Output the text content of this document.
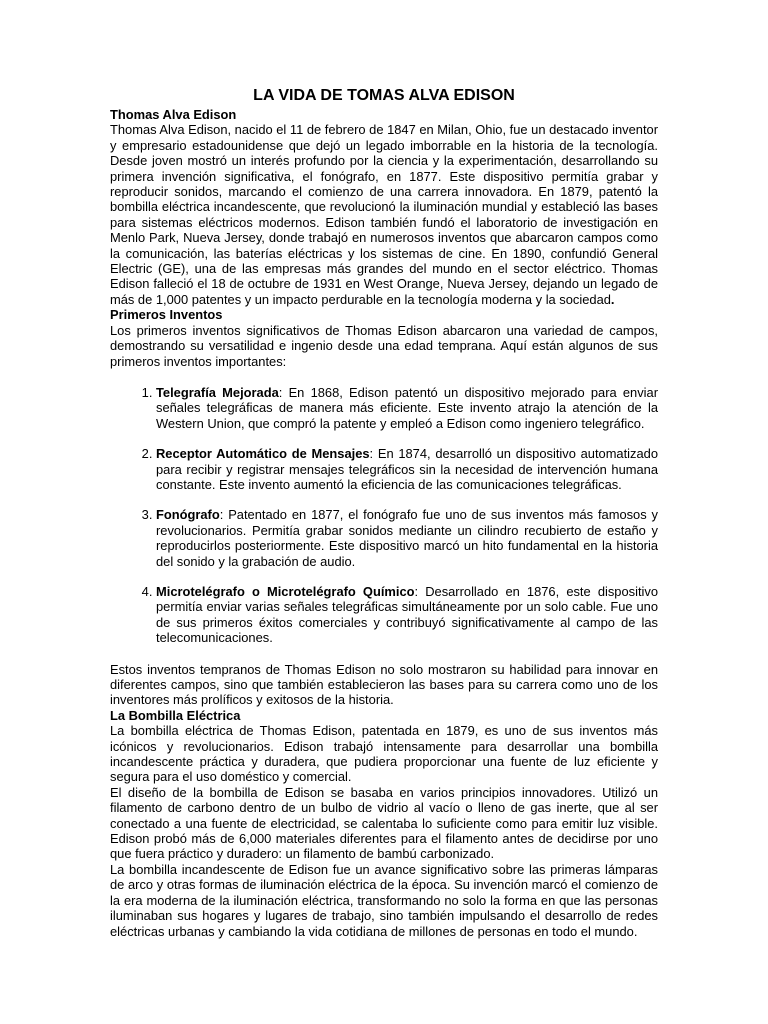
LA VIDA DE TOMAS ALVA EDISON
Thomas Alva Edison

Thomas Alva Edison, nacido el 11 de febrero de 1847 en Milan, Ohio, fue un destacado inventor y empresario estadounidense que dejó un legado imborrable en la historia de la tecnología. Desde joven mostró un interés profundo por la ciencia y la experimentación, desarrollando su primera invención significativa, el fonógrafo, en 1877. Este dispositivo permitía grabar y reproducir sonidos, marcando el comienzo de una carrera innovadora. En 1879, patentó la bombilla eléctrica incandescente, que revolucionó la iluminación mundial y estableció las bases para sistemas eléctricos modernos. Edison también fundó el laboratorio de investigación en Menlo Park, Nueva Jersey, donde trabajó en numerosos inventos que abarcaron campos como la comunicación, las baterías eléctricas y los sistemas de cine. En 1890, confundió General Electric (GE), una de las empresas más grandes del mundo en el sector eléctrico. Thomas Edison falleció el 18 de octubre de 1931 en West Orange, Nueva Jersey, dejando un legado de más de 1,000 patentes y un impacto perdurable en la tecnología moderna y la sociedad.

Primeros Inventos

Los primeros inventos significativos de Thomas Edison abarcaron una variedad de campos, demostrando su versatilidad e ingenio desde una edad temprana. Aquí están algunos de sus primeros inventos importantes:

1. Telegrafía Mejorada: En 1868, Edison patentó un dispositivo mejorado para enviar señales telegráficas de manera más eficiente. Este invento atrajo la atención de la Western Union, que compró la patente y empleó a Edison como ingeniero telegráfico.
2. Receptor Automático de Mensajes: En 1874, desarrolló un dispositivo automatizado para recibir y registrar mensajes telegráficos sin la necesidad de intervención humana constante. Este invento aumentó la eficiencia de las comunicaciones telegráficas.
3. Fonógrafo: Patentado en 1877, el fonógrafo fue uno de sus inventos más famosos y revolucionarios. Permitía grabar sonidos mediante un cilindro recubierto de estaño y reproducirlos posteriormente. Este dispositivo marcó un hito fundamental en la historia del sonido y la grabación de audio.
4. Microtelégrafo o Microtelégrafo Químico: Desarrollado en 1876, este dispositivo permitía enviar varias señales telegráficas simultáneamente por un solo cable. Fue uno de sus primeros éxitos comerciales y contribuyó significativamente al campo de las telecomunicaciones.

Estos inventos tempranos de Thomas Edison no solo mostraron su habilidad para innovar en diferentes campos, sino que también establecieron las bases para su carrera como uno de los inventores más prolíficos y exitosos de la historia.

La Bombilla Eléctrica

La bombilla eléctrica de Thomas Edison, patentada en 1879, es uno de sus inventos más icónicos y revolucionarios. Edison trabajó intensamente para desarrollar una bombilla incandescente práctica y duradera, que pudiera proporcionar una fuente de luz eficiente y segura para el uso doméstico y comercial.

El diseño de la bombilla de Edison se basaba en varios principios innovadores. Utilizó un filamento de carbono dentro de un bulbo de vidrio al vacío o lleno de gas inerte, que al ser conectado a una fuente de electricidad, se calentaba lo suficiente como para emitir luz visible. Edison probó más de 6,000 materiales diferentes para el filamento antes de decidirse por uno que fuera práctico y duradero: un filamento de bambú carbonizado.

La bombilla incandescente de Edison fue un avance significativo sobre las primeras lámparas de arco y otras formas de iluminación eléctrica de la época. Su invención marcó el comienzo de la era moderna de la iluminación eléctrica, transformando no solo la forma en que las personas iluminaban sus hogares y lugares de trabajo, sino también impulsando el desarrollo de redes eléctricas urbanas y cambiando la vida cotidiana de millones de personas en todo el mundo.
